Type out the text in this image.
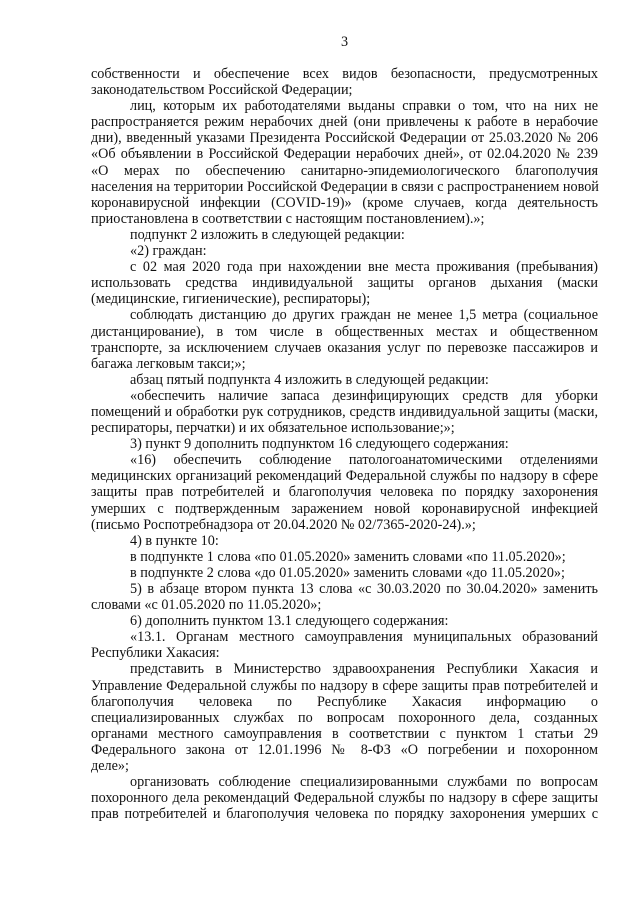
3
собственности и обеспечение всех видов безопасности, предусмотренных
законодательством Российской Федерации;
лиц, которым их работодателями выданы справки о том, что на них не
распространяется режим нерабочих дней (они привлечены к работе в нерабочие
дни), введенный указами Президента Российской Федерации от 25.03.2020 № 206
«Об объявлении в Российской Федерации нерабочих дней», от 02.04.2020 № 239
«О мерах по обеспечению санитарно-эпидемиологического благополучия
населения на территории Российской Федерации в связи с распространением новой
коронавирусной инфекции (COVID-19)» (кроме случаев, когда деятельность
приостановлена в соответствии с настоящим постановлением).»;
подпункт 2 изложить в следующей редакции:
«2) граждан:
с 02 мая 2020 года при нахождении вне места проживания (пребывания)
использовать средства индивидуальной защиты органов дыхания (маски
(медицинские, гигиенические), респираторы);
соблюдать дистанцию до других граждан не менее 1,5 метра (социальное
дистанцирование), в том числе в общественных местах и общественном
транспорте, за исключением случаев оказания услуг по перевозке пассажиров и
багажа легковым такси;»;
абзац пятый подпункта 4 изложить в следующей редакции:
«обеспечить наличие запаса дезинфицирующих средств для уборки
помещений и обработки рук сотрудников, средств индивидуальной защиты (маски,
респираторы, перчатки) и их обязательное использование;»;
3) пункт 9 дополнить подпунктом 16 следующего содержания:
«16) обеспечить соблюдение патологоанатомическими отделениями
медицинских организаций рекомендаций Федеральной службы по надзору в сфере
защиты прав потребителей и благополучия человека по порядку захоронения
умерших с подтвержденным заражением новой коронавирусной инфекцией
(письмо Роспотребнадзора от 20.04.2020 № 02/7365-2020-24).»;
4) в пункте 10:
в подпункте 1 слова «по 01.05.2020» заменить словами «по 11.05.2020»;
в подпункте 2 слова «до 01.05.2020» заменить словами «до 11.05.2020»;
5) в абзаце втором пункта 13 слова «с 30.03.2020 по 30.04.2020» заменить
словами «с 01.05.2020 по 11.05.2020»;
6) дополнить пунктом 13.1 следующего содержания:
«13.1. Органам местного самоуправления муниципальных образований
Республики Хакасия:
представить в Министерство здравоохранения Республики Хакасия и
Управление Федеральной службы по надзору в сфере защиты прав потребителей и
благополучия человека по Республике Хакасия информацию о
специализированных службах по вопросам похоронного дела, созданных
органами местного самоуправления в соответствии с пунктом 1 статьи 29
Федерального закона от 12.01.1996 № 8-ФЗ «О погребении и похоронном
деле»;
организовать соблюдение специализированными службами по вопросам
похоронного дела рекомендаций Федеральной службы по надзору в сфере защиты
прав потребителей и благополучия человека по порядку захоронения умерших с
